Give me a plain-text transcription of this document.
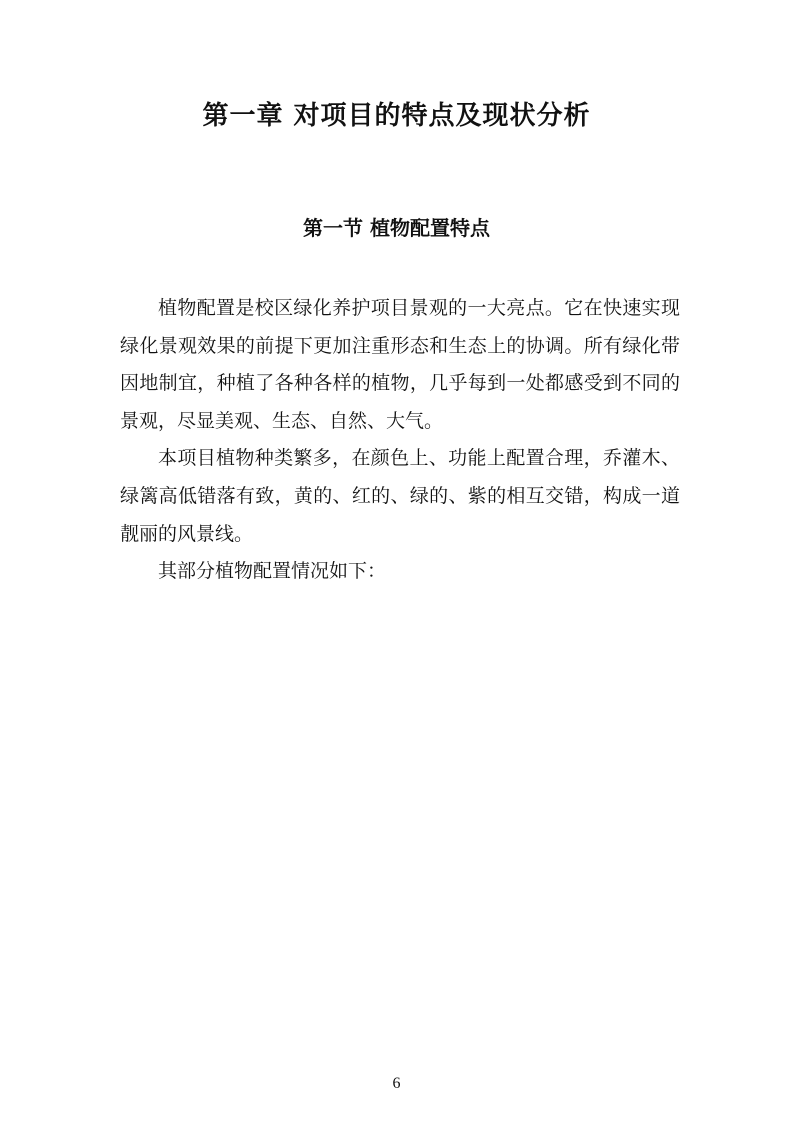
第一章 对项目的特点及现状分析
第一节 植物配置特点

植物配置是校区绿化养护项目景观的一大亮点。它在快速实现绿化景观效果的前提下更加注重形态和生态上的协调。所有绿化带因地制宜，种植了各种各样的植物，几乎每到一处都感受到不同的景观，尽显美观、生态、自然、大气。

本项目植物种类繁多，在颜色上、功能上配置合理，乔灌木、绿篱高低错落有致，黄的、红的、绿的、紫的相互交错，构成一道靓丽的风景线。

其部分植物配置情况如下：

6
